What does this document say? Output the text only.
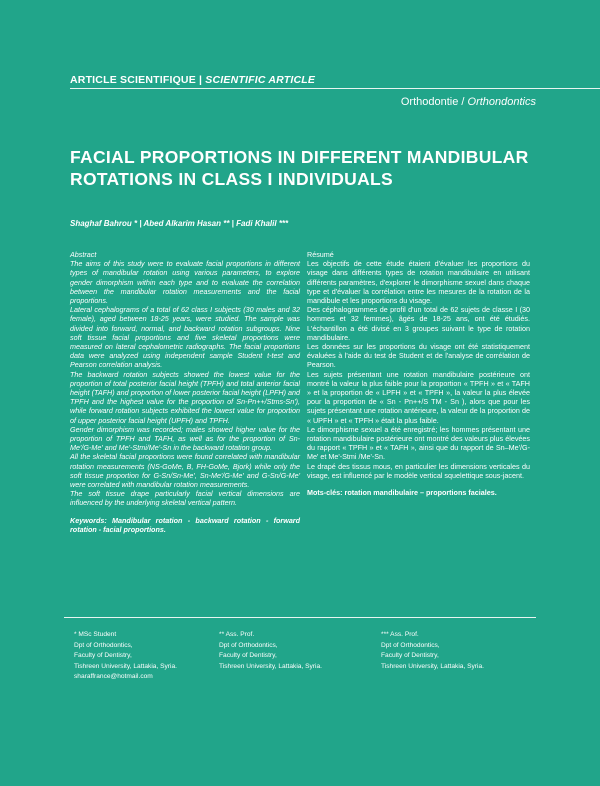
ARTICLE SCIENTIFIQUE | SCIENTIFIC ARTICLE
Orthodontie / Orthondontics
FACIAL PROPORTIONS IN DIFFERENT MANDIBULAR ROTATIONS IN CLASS I INDIVIDUALS
Shaghaf Bahrou * | Abed Alkarim Hasan ** | Fadi Khalil ***

Abstract

The aims of this study were to evaluate facial proportions in different types of mandibular rotation using various parameters, to explore gender dimorphism within each type and to evaluate the correlation between the mandibular rotation measurements and the facial proportions.

Lateral cephalograms of a total of 62 class I subjects (30 males and 32 female), aged between 18-25 years, were studied. The sample was divided into forward, normal, and backward rotation subgroups. Nine soft tissue facial proportions and five skeletal proportions were measured on lateral cephalometric radiographs. The facial proportions data were analyzed using independent sample Student t-test and Pearson correlation analysis.

The backward rotation subjects showed the lowest value for the proportion of total posterior facial height (TPFH) and total anterior facial height (TAFH) and proportion of lower posterior facial height (LPFH) and TPFH and the highest value for the proportion of Sn-Pn++/Stms-Sn'), while forward rotation subjects exhibited the lowest value for proportion of upper posterior facial height (UPFH) and TPFH.

Gender dimorphism was recorded; males showed higher value for the proportion of TPFH and TAFH, as well as for the proportion of Sn-Me'/G-Me' and Me'-Stmi/Me'-Sn in the backward rotation group.

All the skeletal facial proportions were found correlated with mandibular rotation measurements (NS-GoMe, B, FH-GoMe, Bjork) while only the soft tissue proportion for G-Sn/Sn-Me', Sn-Me'/G-Me' and G-Sn/G-Me' were correlated with mandibular rotation measurements.

The soft tissue drape particularly facial vertical dimensions are influenced by the underlying skeletal vertical pattern.

Keywords: Mandibular rotation - backward rotation - forward rotation - facial proportions.

Résumé

Les objectifs de cette étude étaient d'évaluer les proportions du visage dans différents types de rotation mandibulaire en utilisant différents paramètres, d'explorer le dimorphisme sexuel dans chaque type et d'évaluer la corrélation entre les mesures de la rotation de la mandibule et les proportions du visage.

Des céphalogrammes de profil d'un total de 62 sujets de classe I (30 hommes et 32 femmes), âgés de 18-25 ans, ont été étudiés. L'échantillon a été divisé en 3 groupes suivant le type de rotation mandibulaire.

Les données sur les proportions du visage ont été statistiquement évaluées à l'aide du test de Student et de l'analyse de corrélation de Pearson.

Les sujets présentant une rotation mandibulaire postérieure ont montré la valeur la plus faible pour la proportion « TPFH » et « TAFH » et la proportion de « LPFH » et « TPFH », la valeur la plus élevée pour la proportion de « Sn - Pn++/S TM - Sn ), alors que pour les sujets présentant une rotation antérieure, la valeur de la proportion de « UPFH » et « TPFH » était la plus faible.

Le dimorphisme sexuel a été enregistré; les hommes présentant une rotation mandibulaire postérieure ont montré des valeurs plus élevées du rapport « TPFH » et « TAFH », ainsi que du rapport de Sn–Me'/G-Me' et Me'-Stmi /Me'-Sn.

Le drapé des tissus mous, en particulier les dimensions verticales du visage, est influencé par le modèle vertical squelettique sous-jacent.

Mots-clés: rotation mandibulaire – proportions faciales.

* MSc Student
Dpt of Orthodontics,
Faculty of Dentistry,
Tishreen University, Lattakia, Syria.
sharaffrance@hotmail.com
** Ass. Prof.
Dpt of Orthodontics,
Faculty of Dentistry,
Tishreen University, Lattakia, Syria.
*** Ass. Prof.
Dpt of Orthodontics,
Faculty of Dentistry,
Tishreen University, Lattakia, Syria.
